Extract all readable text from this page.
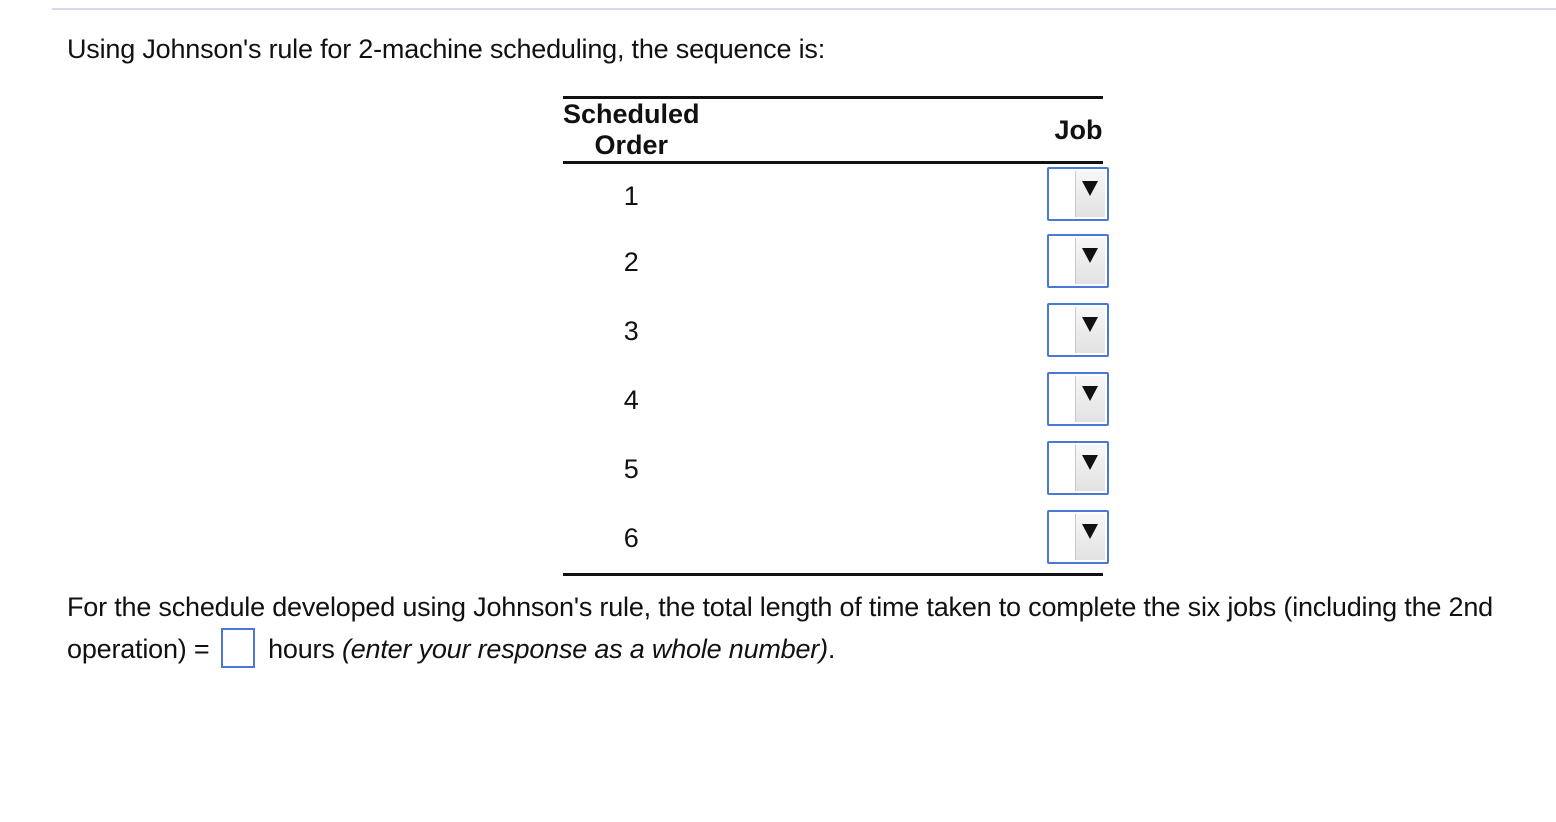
Using Johnson's rule for 2-machine scheduling, the sequence is:
Scheduled Order	Job
1	

2	

3	

4	

5	

6	
For the schedule developed using Johnson's rule, the total length of time taken to complete the six jobs (including the 2nd operation) = hours (enter your response as a whole number).
